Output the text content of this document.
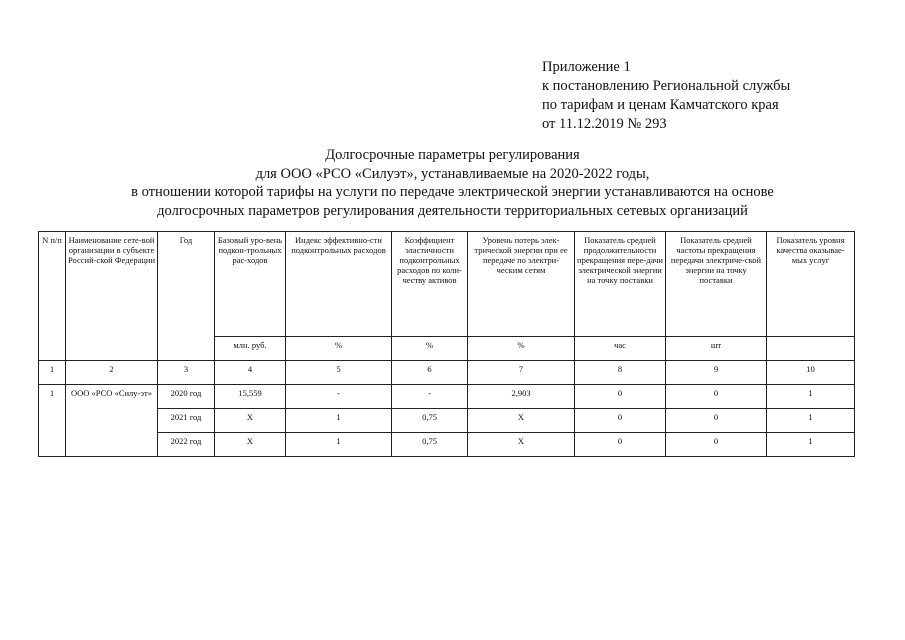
Приложение 1
к постановлению Региональной службы
по тарифам и ценам Камчатского края
от 11.12.2019 № 293
Долгосрочные параметры регулирования
для ООО «РСО «Силуэт», устанавливаемые на 2020-2022 годы,
в отношении которой тарифы на услуги по передаче электрической энергии устанавливаются на основе
долгосрочных параметров регулирования деятельности территориальных сетевых организаций
N п/п	Наименование сете-вой организации в субъекте Россий-ской Федерации	Год	Базовый уро-вень подкон-трольных рас-ходов	Индекс эффективно-сти подконтрольных расходов	Коэффициент эластичности подконтрольных расходов по коли-честву активов	Уровень потерь элек-трической энергии при ее передаче по электри-ческим сетям	Показатель средней продолжительности прекращения пере-дачи электрической энергии на точку поставки	Показатель средней частоты прекращения передачи электриче-ской энергии на точку поставки	Показатель уровня качества оказывае-мых услуг
			млн. руб.	%	%	%	час	шт	
1	2	3	4	5	6	7	8	9	10
1	ООО «РСО «Силу-эт»	2020 год	15,559	-	-	2,903	0	0	1
		2021 год	X	1	0,75	X	0	0	1
		2022 год	X	1	0,75	X	0	0	1
